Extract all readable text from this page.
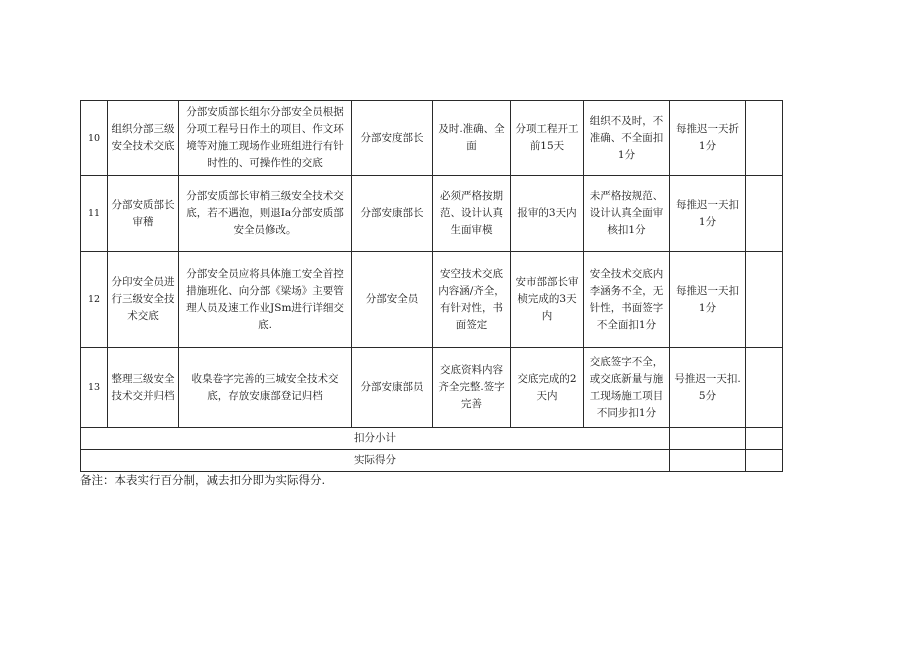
10	组织分部三级安全技术交底	分部安质部长组尔分部安全员根据分项工程号日作土的项目、作文环境等对施工现场作业班组进行有针时性的、可操作性的交底	分部安度部长	及时.准确、全面	分项工程开工前15天	组织不及时，不准确、不全面扣1分	每推迟一天折1分	
11	分部安质部长审稽	分部安质部长审梢三级安全技术交底，若不遇泡，则退Ia分部安质部安全员修改。	分部安康部长	必须严格按期范、设计认真生面审模	报审的3天内	未严格按规范、设计认真全面审核扣1分	每推迟一天扣1分	
12	分印安全员进行三级安全技术交底	分部安全员应将具体施工安全首控措施班化、向分部《梁场》主要管理人员及速工作业JSm进行详细交底.	分部安全员	安空技术交底内容涵/齐全，有针对性，书面签定	安市部部长审桢完成的3天内	安全技术交底内李涵务不全，无针性，书面签字不全面扣1分	每推迟一天扣1分	
13	整理三级安全技术交并归档	收臬卷字完善的三城安全技术交底，存放安康部登记归档	分部安康部员	交底资料内容齐全完整.签字完善	交底完成的2天内	交底签字不全，或交底新量与施工现场施工项目不同步扣1分	号推迟一天扣.5分	
扣分小计								
实际得分								
备注：本表实行百分制，减去扣分即为实际得分.
